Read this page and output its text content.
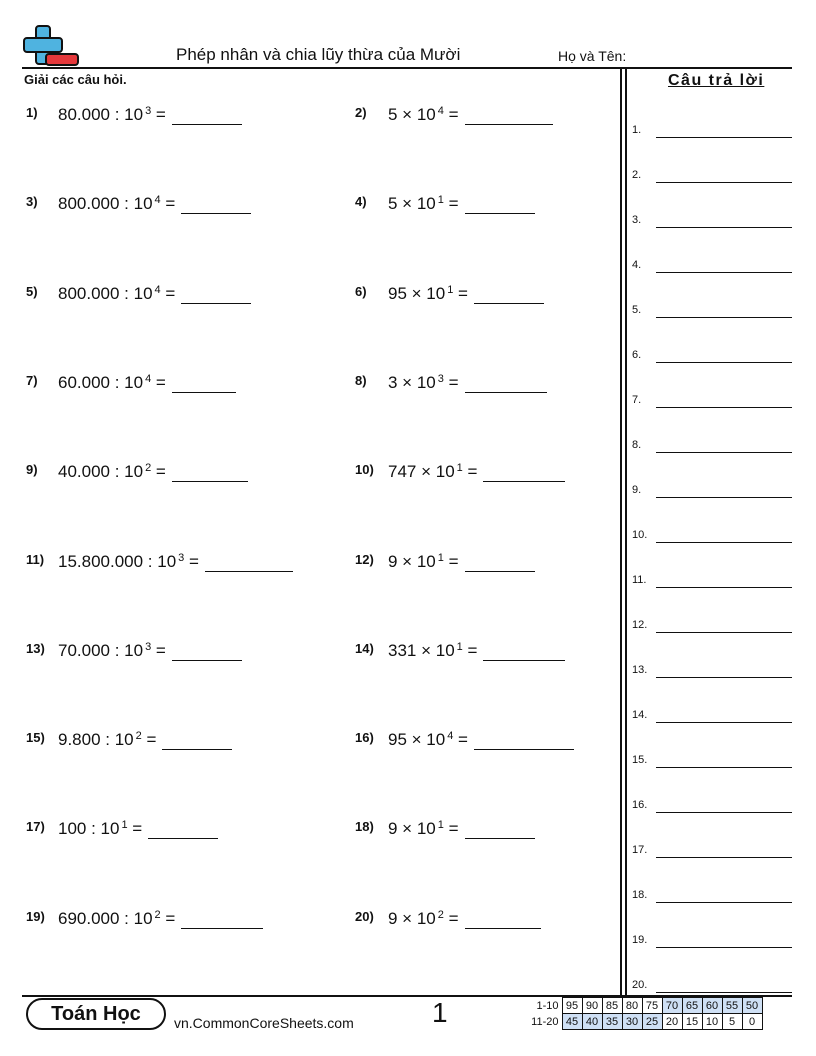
Phép nhân và chia lũy thừa của Mười	Họ và Tên:
Giải các câu hỏi.	Câu trả lời
1) 80.000 : $10^3$ =	2) $5 \times 10^4$ =
3) 800.000 : $10^4$ =	4) $5 \times 10^1$ =
5) 800.000 : $10^4$ =	6) $95 \times 10^1$ =
7) 60.000 : $10^4$ =	8) $3 \times 10^3$ =
9) 40.000 : $10^2$ =	10) $747 \times 10^1$ =
11) 15.800.000 : $10^3$ =	12) $9 \times 10^1$ =
13) 70.000 : $10^3$ =	14) $331 \times 10^1$ =
15) 9.800 : $10^2$ =	16) $95 \times 10^4$ =
17) 100 : $10^1$ =	18) $9 \times 10^1$ =
19) 690.000 : $10^2$ =	20) $9 \times 10^2$ =
1.
2.
3.
4.
5.
6.
7.
8.
9.
10.
11.
12.
13.
14.
15.
16.
17.
18.
19.
20.
Toán Học	vn.CommonCoreSheets.com	1	1-10	95	90	85	80	75	70	65	60	55	50
11-20	45	40	35	30	25	20	15	10	5	0
